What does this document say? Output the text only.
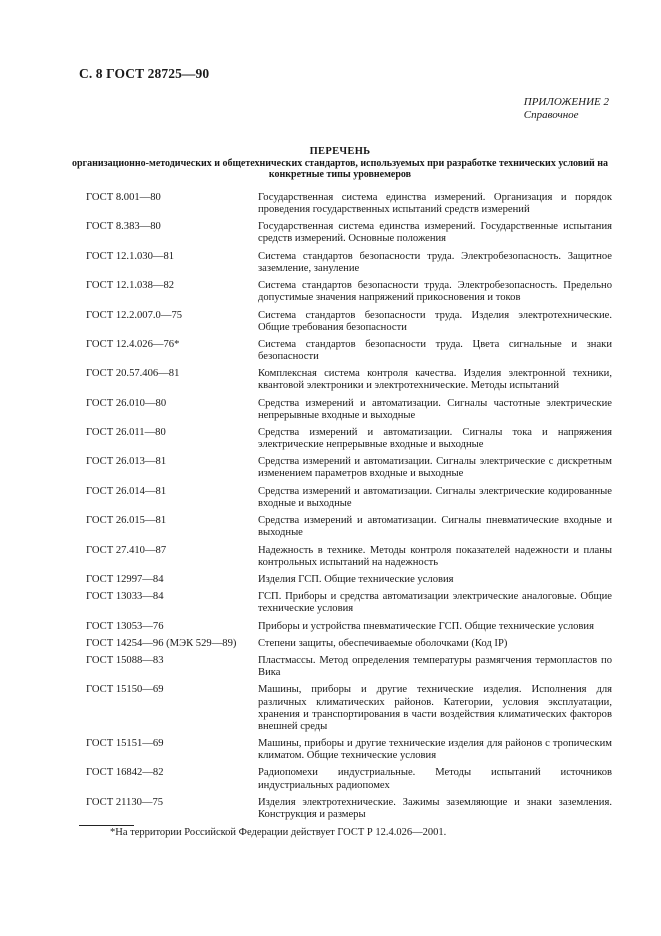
С. 8 ГОСТ 28725—90
ПРИЛОЖЕНИЕ 2
Справочное
ПЕРЕЧЕНЬ
организационно-методических и общетехнических стандартов, используемых при разработке технических условий на конкретные типы уровнемеров
ГОСТ 8.001—80	Государственная система единства измерений. Организация и порядок проведения государственных испытаний средств измерений
ГОСТ 8.383—80	Государственная система единства измерений. Государственные испытания средств измерений. Основные положения
ГОСТ 12.1.030—81	Система стандартов безопасности труда. Электробезопасность. Защитное заземление, зануление
ГОСТ 12.1.038—82	Система стандартов безопасности труда. Электробезопасность. Предельно допустимые значения напряжений прикосновения и токов
ГОСТ 12.2.007.0—75	Система стандартов безопасности труда. Изделия электротехнические. Общие требования безопасности
ГОСТ 12.4.026—76*	Система стандартов безопасности труда. Цвета сигнальные и знаки безопасности
ГОСТ 20.57.406—81	Комплексная система контроля качества. Изделия электронной техники, квантовой электроники и электротехнические. Методы испытаний
ГОСТ 26.010—80	Средства измерений и автоматизации. Сигналы частотные электрические непрерывные входные и выходные
ГОСТ 26.011—80	Средства измерений и автоматизации. Сигналы тока и напряжения электрические непрерывные входные и выходные
ГОСТ 26.013—81	Средства измерений и автоматизации. Сигналы электрические с дискретным изменением параметров входные и выходные
ГОСТ 26.014—81	Средства измерений и автоматизации. Сигналы электрические кодированные входные и выходные
ГОСТ 26.015—81	Средства измерений и автоматизации. Сигналы пневматические входные и выходные
ГОСТ 27.410—87	Надежность в технике. Методы контроля показателей надежности и планы контрольных испытаний на надежность
ГОСТ 12997—84	Изделия ГСП. Общие технические условия
ГОСТ 13033—84	ГСП. Приборы и средства автоматизации электрические аналоговые. Общие технические условия
ГОСТ 13053—76	Приборы и устройства пневматические ГСП. Общие технические условия
ГОСТ 14254—96 (МЭК 529—89)	Степени защиты, обеспечиваемые оболочками (Код IP)
ГОСТ 15088—83	Пластмассы. Метод определения температуры размягчения термопластов по Вика
ГОСТ 15150—69	Машины, приборы и другие технические изделия. Исполнения для различных климатических районов. Категории, условия эксплуатации, хранения и транспортирования в части воздействия климатических факторов внешней среды
ГОСТ 15151—69	Машины, приборы и другие технические изделия для районов с тропическим климатом. Общие технические условия
ГОСТ 16842—82	Радиопомехи индустриальные. Методы испытаний источников индустриальных радиопомех
ГОСТ 21130—75	Изделия электротехнические. Зажимы заземляющие и знаки заземления. Конструкция и размеры
*На территории Российской Федерации действует ГОСТ Р 12.4.026—2001.
